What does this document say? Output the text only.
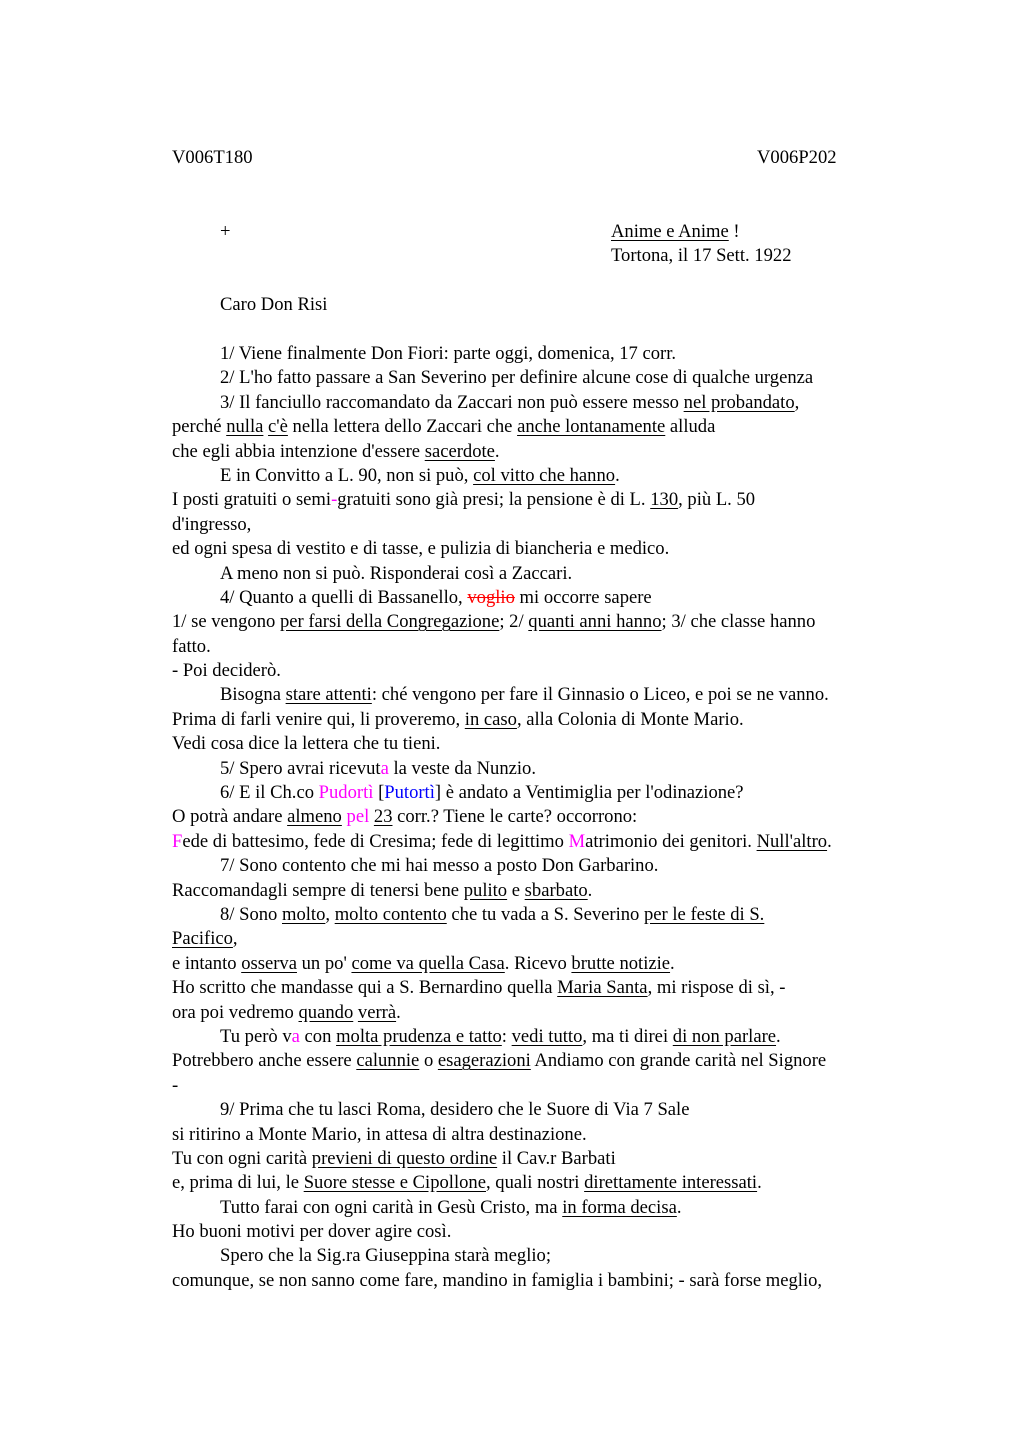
V006T180	V006P202
+	Anime e Anime !
Tortona, il 17 Sett. 1922
Caro Don Risi
1/ Viene finalmente Don Fiori: parte oggi, domenica, 17 corr.
2/ L'ho fatto passare a San Severino per definire alcune cose di qualche urgenza
3/ Il fanciullo raccomandato da Zaccari non può essere messo nel probandato,
perché nulla c'è nella lettera dello Zaccari che anche lontanamente alluda
che egli abbia intenzione d'essere sacerdote.
E in Convitto a L. 90, non si può, col vitto che hanno.
I posti gratuiti o semi-gratuiti sono già presi; la pensione è di L. 130, più L. 50
d'ingresso,
ed ogni spesa di vestito e di tasse, e pulizia di biancheria e medico.
A meno non si può. Risponderai così a Zaccari.
4/ Quanto a quelli di Bassanello, voglio mi occorre sapere
1/ se vengono per farsi della Congregazione; 2/ quanti anni hanno; 3/ che classe hanno
fatto.
- Poi deciderò.
Bisogna stare attenti: ché vengono per fare il Ginnasio o Liceo, e poi se ne vanno.
Prima di farli venire qui, li proveremo, in caso, alla Colonia di Monte Mario.
Vedi cosa dice la lettera che tu tieni.
5/ Spero avrai ricevuta la veste da Nunzio.
6/ E il Ch.co Pudortì [Putortì] è andato a Ventimiglia per l'odinazione?
O potrà andare almeno pel 23 corr.? Tiene le carte? occorrono:
Fede di battesimo, fede di Cresima; fede di legittimo Matrimonio dei genitori. Null'altro.
7/ Sono contento che mi hai messo a posto Don Garbarino.
Raccomandagli sempre di tenersi bene pulito e sbarbato.
8/ Sono molto, molto contento che tu vada a S. Severino per le feste di S.
Pacifico,
e intanto osserva un po' come va quella Casa. Ricevo brutte notizie.
Ho scritto che mandasse qui a S. Bernardino quella Maria Santa, mi rispose di sì, -
ora poi vedremo quando verrà.
Tu però va con molta prudenza e tatto: vedi tutto, ma ti direi di non parlare.
Potrebbero anche essere calunnie o esagerazioni Andiamo con grande carità nel Signore
-
9/ Prima che tu lasci Roma, desidero che le Suore di Via 7 Sale
si ritirino a Monte Mario, in attesa di altra destinazione.
Tu con ogni carità previeni di questo ordine il Cav.r Barbati
e, prima di lui, le Suore stesse e Cipollone, quali nostri direttamente interessati.
Tutto farai con ogni carità in Gesù Cristo, ma in forma decisa.
Ho buoni motivi per dover agire così.
Spero che la Sig.ra Giuseppina starà meglio;
comunque, se non sanno come fare, mandino in famiglia i bambini; - sarà forse meglio,
